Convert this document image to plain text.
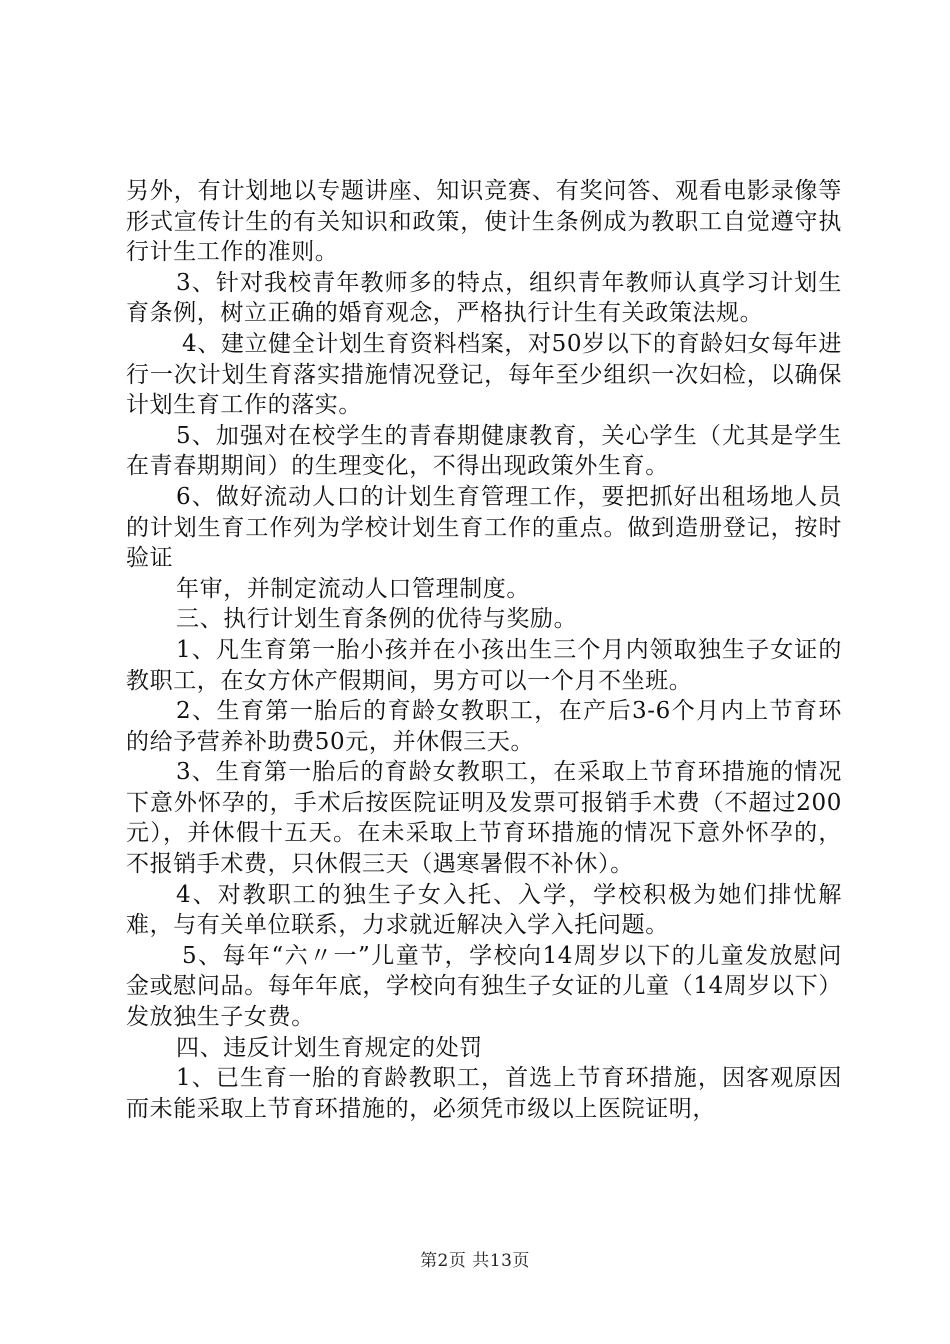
另外，有计划地以专题讲座、知识竞赛、有奖问答、观看电影录像等形式宣传计生的有关知识和政策，使计生条例成为教职工自觉遵守执行计生工作的准则。

3、针对我校青年教师多的特点，组织青年教师认真学习计划生育条例，树立正确的婚育观念，严格执行计生有关政策法规。

4、建立健全计划生育资料档案，对50岁以下的育龄妇女每年进行一次计划生育落实措施情况登记，每年至少组织一次妇检，以确保计划生育工作的落实。

5、加强对在校学生的青春期健康教育，关心学生（尤其是学生在青春期期间）的生理变化，不得出现政策外生育。

6、做好流动人口的计划生育管理工作，要把抓好出租场地人员的计划生育工作列为学校计划生育工作的重点。做到造册登记，按时验证

年审，并制定流动人口管理制度。

三、执行计划生育条例的优待与奖励。

1、凡生育第一胎小孩并在小孩出生三个月内领取独生子女证的教职工，在女方休产假期间，男方可以一个月不坐班。

2、生育第一胎后的育龄女教职工，在产后3-6个月内上节育环的给予营养补助费50元，并休假三天。

3、生育第一胎后的育龄女教职工，在采取上节育环措施的情况下意外怀孕的，手术后按医院证明及发票可报销手术费（不超过200元），并休假十五天。在未采取上节育环措施的情况下意外怀孕的，不报销手术费，只休假三天（遇寒暑假不补休）。

4、对教职工的独生子女入托、入学，学校积极为她们排忧解难，与有关单位联系，力求就近解决入学入托问题。

5、每年“六〃一”儿童节，学校向14周岁以下的儿童发放慰问金或慰问品。每年年底，学校向有独生子女证的儿童（14周岁以下）发放独生子女费。

四、违反计划生育规定的处罚

1、已生育一胎的育龄教职工，首选上节育环措施，因客观原因而未能采取上节育环措施的，必须凭市级以上医院证明，

第2页 共13页
